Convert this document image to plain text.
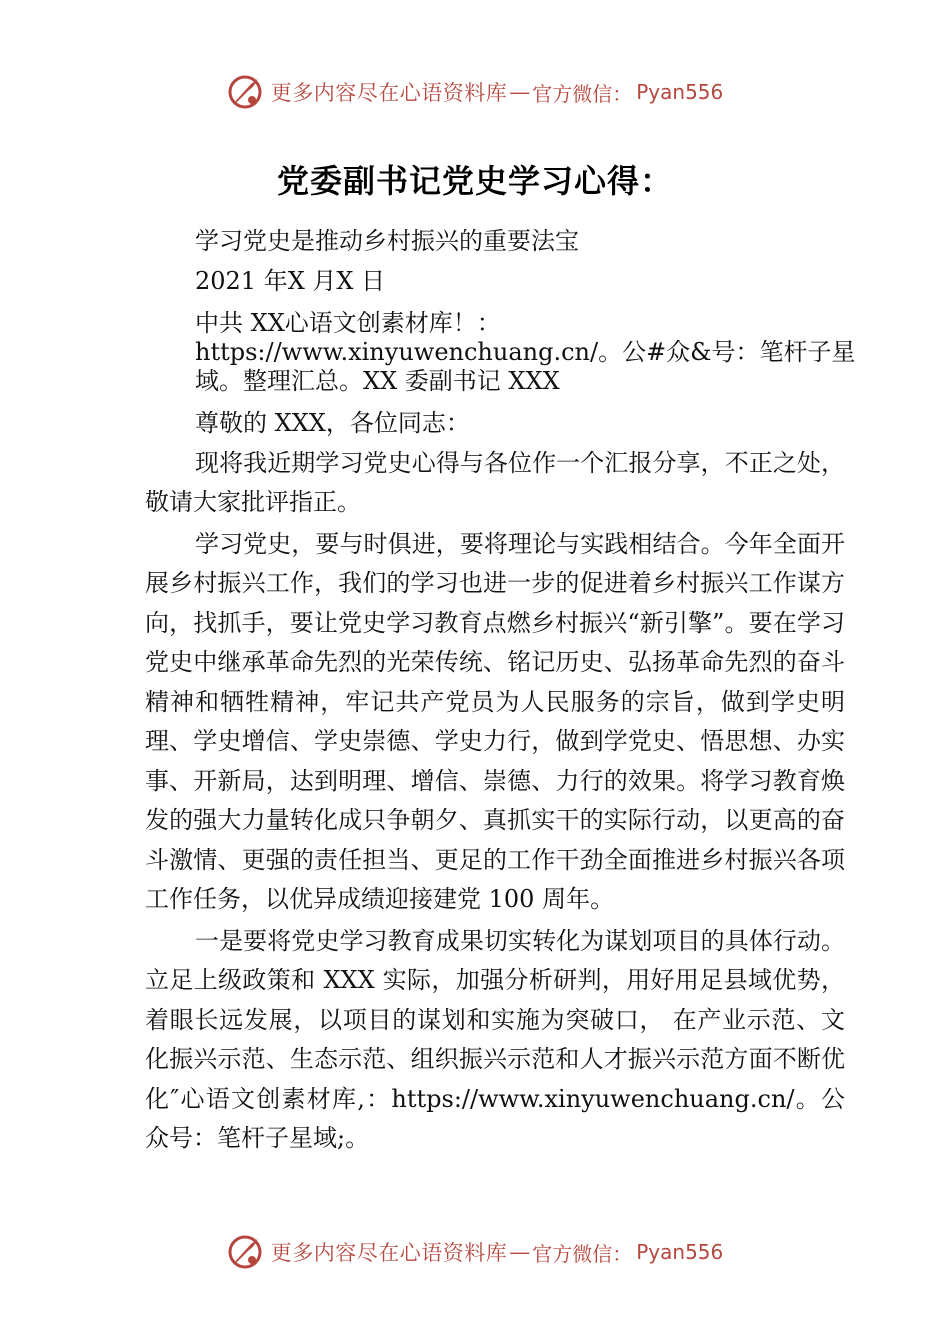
更多内容尽在心语资料库 — 官方微信： Pyan556
党委副书记党史学习心得：
学习党史是推动乡村振兴的重要法宝
2021 年X 月X 日
中共 XX心语文创素材库！：
https://www.xinyuwenchuang.cn/。公#众&号：笔杆子星
域。整理汇总。XX 委副书记 XXX
尊敬的 XXX，各位同志：

现将我近期学习党史心得与各位作一个汇报分享，不正之处，敬请大家批评指正。

学习党史，要与时俱进，要将理论与实践相结合。今年全面开展乡村振兴工作，我们的学习也进一步的促进着乡村振兴工作谋方向，找抓手，要让党史学习教育点燃乡村振兴“新引擎”。要在学习党史中继承革命先烈的光荣传统、铭记历史、弘扬革命先烈的奋斗精神和牺牲精神，牢记共产党员为人民服务的宗旨，做到学史明理、学史增信、学史崇德、学史力行，做到学党史、悟思想、办实事、开新局，达到明理、增信、崇德、力行的效果。将学习教育焕发的强大力量转化成只争朝夕、真抓实干的实际行动，以更高的奋斗激情、更强的责任担当、更足的工作干劲全面推进乡村振兴各项工作任务，以优异成绩迎接建党 100 周年。

一是要将党史学习教育成果切实转化为谋划项目的具体行动。立足上级政策和 XXX 实际，加强分析研判，用好用足县域优势，着眼长远发展，以项目的谋划和实施为突破口， 在产业示范、文化振兴示范、生态示范、组织振兴示范和人才振兴示范方面不断优化″心语文创素材库,：https://www.xinyuwenchuang.cn/。公众号：笔杆子星域;。

更多内容尽在心语资料库 — 官方微信： Pyan556
